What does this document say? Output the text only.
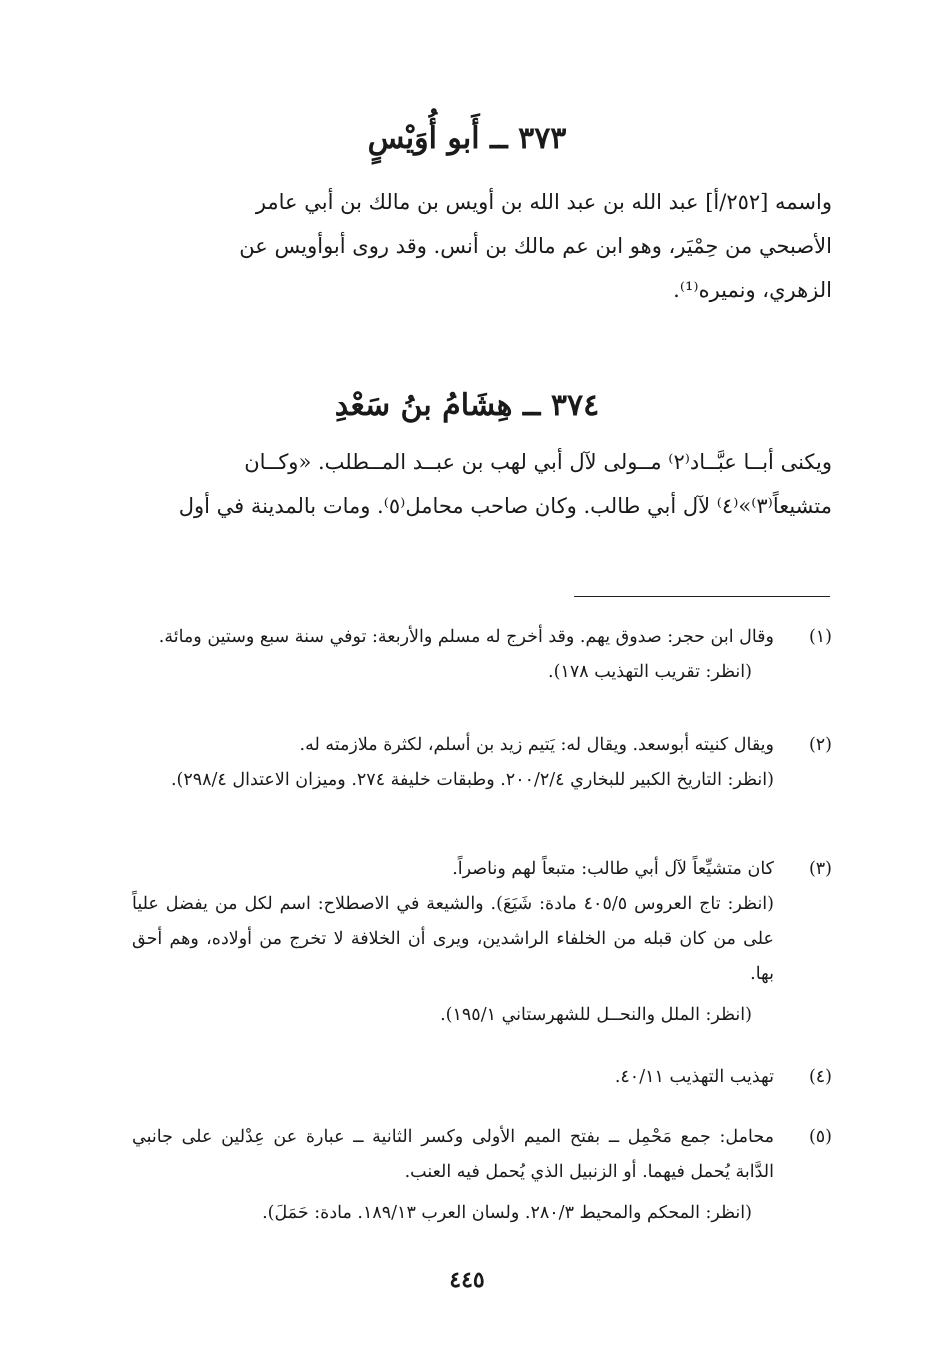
٣٧٣ ــ أَبو أُوَيْسٍ
واسمه [٢٥٢/أ] عبد الله بن عبد الله بن أويس بن مالك بن أبي عامر
الأصبحي من حِمْيَر، وهو ابن عم مالك بن أنس. وقد روى أبوأويس عن
الزهري، ونميره⁽¹⁾.
٣٧٤ ــ هِشَامُ بنُ سَعْدِ
ويكنى أبــا عبَّــاد⁽٢⁾ مــولى لآل أبي لهب بن عبــد المــطلب. «وكــان
متشيعاً⁽٣⁾»⁽٤⁾ لآل أبي طالب. وكان ﺻﺎحب محامل⁽٥⁾. ومات بالمدينة في أول
(١)
وقال ابن حجر: صدوق يهم. وقد أخرج له مسلم والأربعة: توفي سنة سبع وستين ومائة.
(انظر: تقريب التهذيب ١٧٨).
(٢)
ويقال كنيته أبوسعد. ويقال له: يَتيم زيد بن أسلم، لكثرة ملازمته له.
(انظر: التاريخ الكبير للبخاري ٢٠٠/٢/٤. وطبقات خليفة ٢٧٤. وميزان الاعتدال ٢٩٨/٤).
(٣)
كان متشيِّعاً لآل أبي طالب: متبعاً لهم وناصراً.
(انظر: تاج العروس ٤٠٥/٥ مادة: شَيَعَ). والشيعة في الاصطلاح: اسم لكل من يفضل علياً على من كان قبله من الخلفاء الراشدين، ويرى أن الخلافة لا تخرج من أولاده، وهم أحق بها.
(انظر: الملل والنحــل للشهرستاني ١٩٥/١).
(٤)
تهذيب التهذيب ٤٠/١١.
(٥)
محامل: جمع مَحْمِل ــ بفتح الميم الأولى وكسر الثانية ــ عبارة عن عِدْلين على جانبي الدَّابة يُحمل فيهما. أو الزنبيل الذي يُحمل فيه العنب.
(انظر: المحكم والمحيط ٢٨٠/٣. ولسان العرب ١٨٩/١٣. مادة: حَمَلَ).
٤٤٥
